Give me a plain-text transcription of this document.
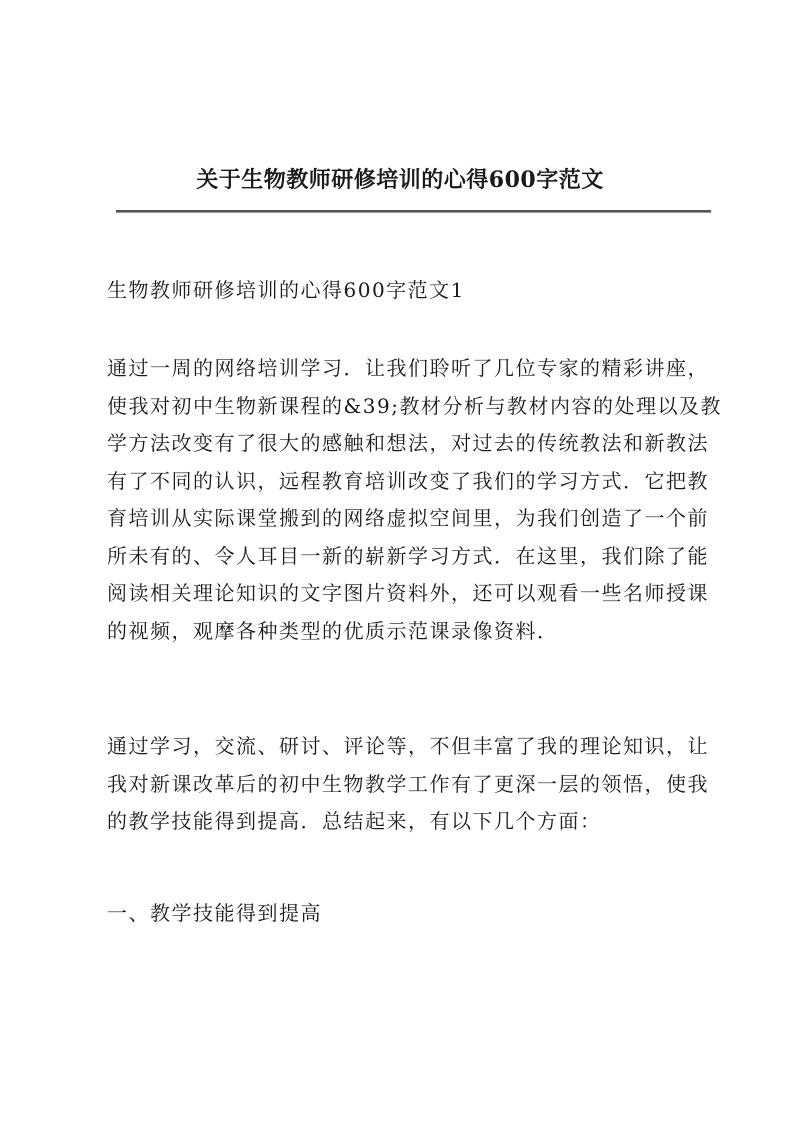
关于生物教师研修培训的心得600字范文
生物教师研修培训的心得600字范文1
通过一周的网络培训学习．让我们聆听了几位专家的精彩讲座，
使我对初中生物新课程的&39;教材分析与教材内容的处理以及教
学方法改变有了很大的感触和想法，对过去的传统教法和新教法
有了不同的认识，远程教育培训改变了我们的学习方式．它把教
育培训从实际课堂搬到的网络虚拟空间里，为我们创造了一个前
所未有的、令人耳目一新的崭新学习方式．在这里，我们除了能
阅读相关理论知识的文字图片资料外，还可以观看一些名师授课
的视频，观摩各种类型的优质示范课录像资料．
通过学习，交流、研讨、评论等，不但丰富了我的理论知识，让
我对新课改革后的初中生物教学工作有了更深一层的领悟，使我
的教学技能得到提高．总结起来，有以下几个方面：
一、教学技能得到提高
